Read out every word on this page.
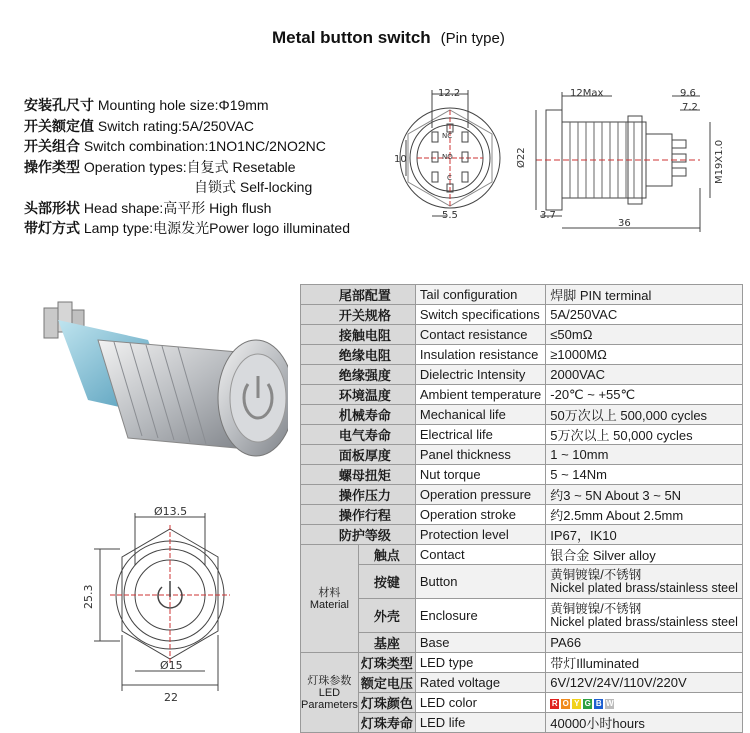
Metal button switch (Pin type)
安装孔尺寸 Mounting hole size:Φ19mm
开关额定值 Switch rating:5A/250VAC
开关组合 Switch combination:1NO1NC/2NO2NC
操作类型 Operation types:自复式 Resetable
自锁式 Self-locking
头部形状 Head shape:高平形 High flush
带灯方式 Lamp type:电源发光Power logo illuminated
12.2
10	NO
NC
C
5.5
12Max	9.6
7.2
Ø22	M19X1.0
3.7
36
Ø13.5
25.3
Ø15
22
尾部配置		Tail configuration	焊脚 PIN terminal
开关规格		Switch specifications	5A/250VAC
接触电阻		Contact resistance	≤50mΩ
绝缘电阻		Insulation resistance	≥1000MΩ
绝缘强度		Dielectric Intensity	2000VAC
环境温度		Ambient temperature	-20℃ ~ +55℃
机械寿命		Mechanical life	50万次以上 500,000 cycles
电气寿命		Electrical life	5万次以上 50,000 cycles
面板厚度		Panel thickness	1 ~ 10mm
螺母扭矩		Nut torque	5 ~ 14Nm
操作压力		Operation pressure	约3 ~ 5N About 3 ~ 5N
操作行程		Operation stroke	约2.5mm About 2.5mm
防护等级		Protection level	IP67，IK10
材料
Material	触点	Contact	银合金 Silver alloy
	按键	Button	黄铜镀镍/不锈钢
Nickel plated brass/stainless steel

	外壳	Enclosure	黄铜镀镍/不锈钢
Nickel plated brass/stainless steel

	基座	Base	PA66
灯珠参数
LED Parameters	灯珠类型	LED type	带灯Illuminated
	额定电压	Rated voltage	6V/12V/24V/110V/220V
	灯珠颜色	LED color	R O Y G B W
	灯珠寿命	LED life	40000小时hours
